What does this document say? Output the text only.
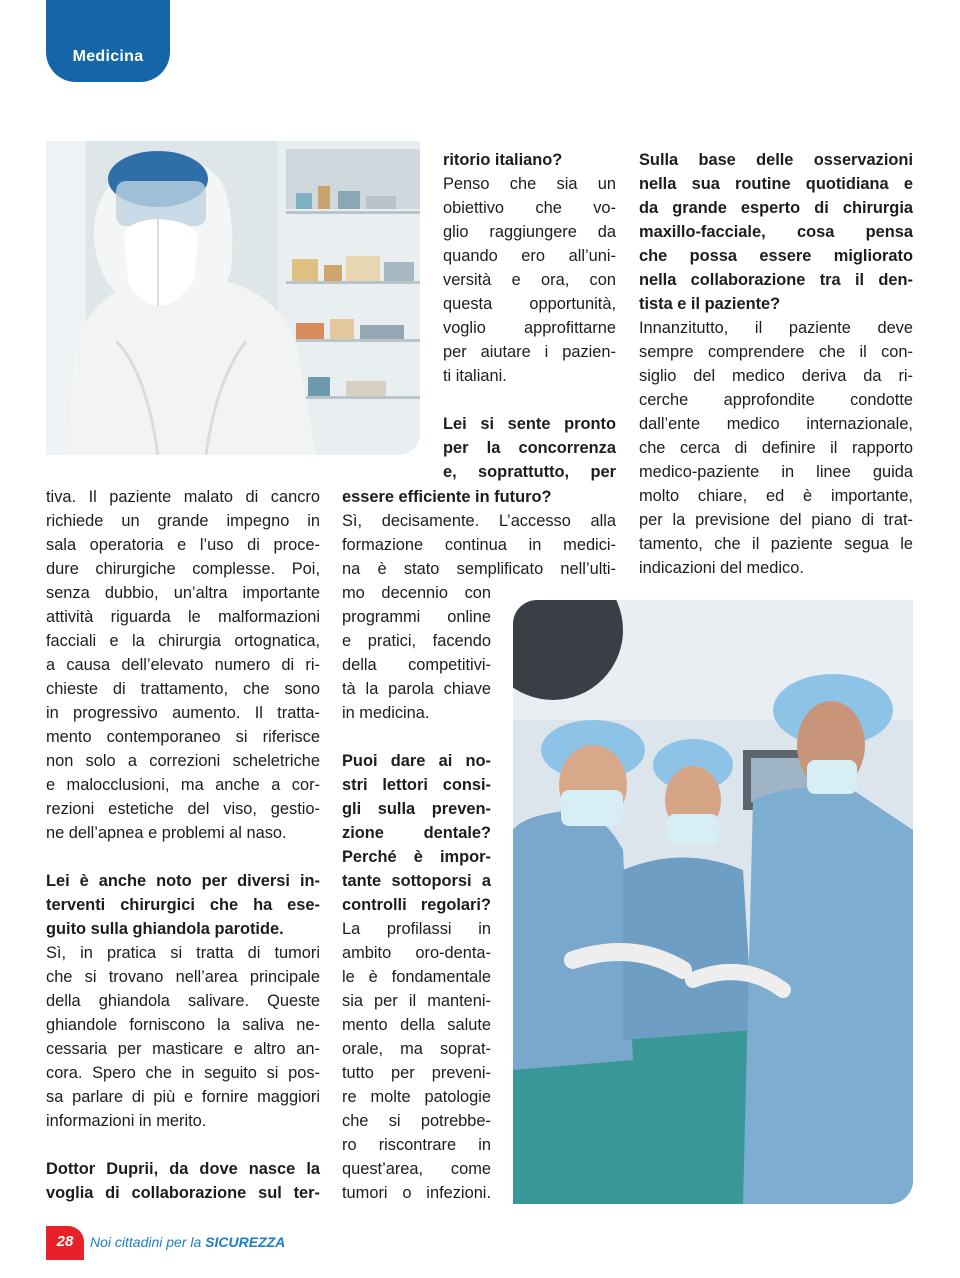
Medicina

tiva. Il paziente malato di cancro

richiede un grande impegno in

sala operatoria e l’uso di proce-

dure chirurgiche complesse. Poi,

senza dubbio, un’altra importante

attività riguarda le malformazioni

facciali e la chirurgia ortognatica,

a causa dell’elevato numero di ri-

chieste di trattamento, che sono

in progressivo aumento. Il tratta-

mento contemporaneo si riferisce

non solo a correzioni scheletriche

e malocclusioni, ma anche a cor-

rezioni estetiche del viso, gestio-

ne dell’apnea e problemi al naso.

Lei è anche noto per diversi in-

terventi chirurgici che ha ese-

guito sulla ghiandola parotide.

Sì, in pratica si tratta di tumori

che si trovano nell’area principale

della ghiandola salivare. Queste

ghiandole forniscono la saliva ne-

cessaria per masticare e altro an-

cora. Spero che in seguito si pos-

sa parlare di più e fornire maggiori

informazioni in merito.

Dottor Duprii, da dove nasce la

voglia di collaborazione sul ter-

ritorio italiano?

Penso che sia un

obiettivo che vo-

glio raggiungere da

quando ero all’uni-

versità e ora, con

questa opportunità,

voglio approfittarne

per aiutare i pazien-

ti italiani.

Lei si sente pronto

per la concorrenza

e, soprattutto, per

essere efficiente in futuro?

Sì, decisamente. L’accesso alla

formazione continua in medici-

na è stato semplificato nell’ulti-

mo decennio con

programmi online

e pratici, facendo

della competitivi-

tà la parola chiave

in medicina.

Puoi dare ai no-

stri lettori consi-

gli sulla preven-

zione dentale?

Perché è impor-

tante sottoporsi a

controlli regolari?

La profilassi in

ambito oro-denta-

le è fondamentale

sia per il manteni-

mento della salute

orale, ma soprat-

tutto per preveni-

re molte patologie

che si potrebbe-

ro riscontrare in

quest’area, come

tumori o infezioni.

Sulla base delle osservazioni

nella sua routine quotidiana e

da grande esperto di chirurgia

maxillo-facciale, cosa pensa

che possa essere migliorato

nella collaborazione tra il den-

tista e il paziente?

Innanzitutto, il paziente deve

sempre comprendere che il con-

siglio del medico deriva da ri-

cerche approfondite condotte

dall’ente medico internazionale,

che cerca di definire il rapporto

medico-paziente in linee guida

molto chiare, ed è importante,

per la previsione del piano di trat-

tamento, che il paziente segua le

indicazioni del medico.

28	Noi cittadini per la SICUREZZA
